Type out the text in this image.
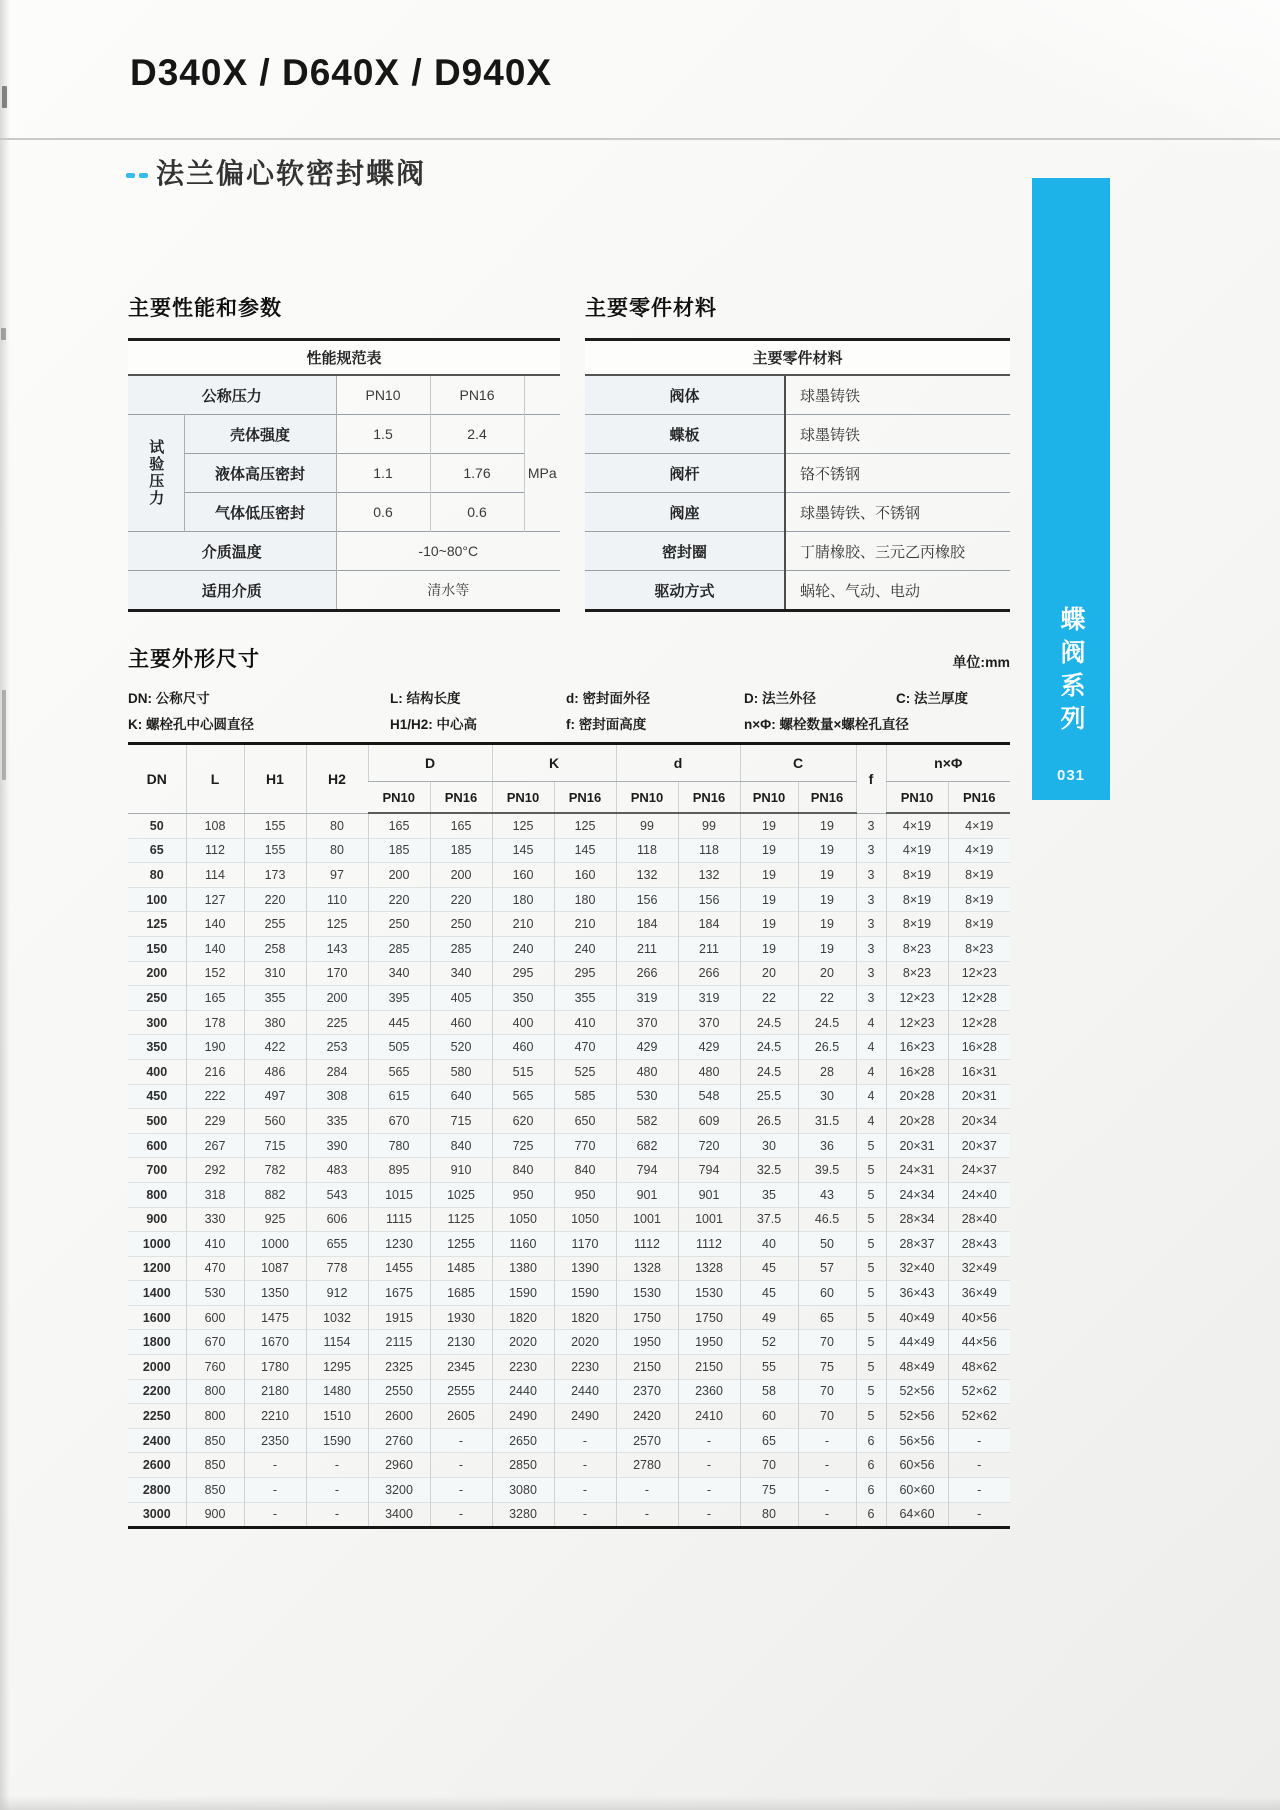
D340X / D640X / D940X
法兰偏心软密封蝶阀
主要性能和参数	主要零件材料
性能规范表				
公称压力		PN10	PN16	
试验压力	壳体强度	1.5	2.4	MPa
	液体高压密封	1.1	1.76	
	气体低压密封	0.6	0.6	
介质温度		-10~80°C		
适用介质		清水等		
主要零件材料	
阀体	球墨铸铁
蝶板	球墨铸铁
阀杆	铬不锈钢
阀座	球墨铸铁、不锈钢
密封圈	丁腈橡胶、三元乙丙橡胶
驱动方式	蜗轮、气动、电动
主要外形尺寸	单位:mm
DN: 公称尺寸	L: 结构长度	d: 密封面外径	D: 法兰外径	C: 法兰厚度
K: 螺栓孔中心圆直径	H1/H2: 中心高	f: 密封面高度	n×Φ: 螺栓数量×螺栓孔直径
DN	L	H1	H2	D		K		d		C		f	n×Φ	
				PN10	PN16	PN10	PN16	PN10	PN16	PN10	PN16		PN10	PN16
50	108	155	80	165	165	125	125	99	99	19	19	3	4×19	4×19
65	112	155	80	185	185	145	145	118	118	19	19	3	4×19	4×19
80	114	173	97	200	200	160	160	132	132	19	19	3	8×19	8×19
100	127	220	110	220	220	180	180	156	156	19	19	3	8×19	8×19
125	140	255	125	250	250	210	210	184	184	19	19	3	8×19	8×19
150	140	258	143	285	285	240	240	211	211	19	19	3	8×23	8×23
200	152	310	170	340	340	295	295	266	266	20	20	3	8×23	12×23
250	165	355	200	395	405	350	355	319	319	22	22	3	12×23	12×28
300	178	380	225	445	460	400	410	370	370	24.5	24.5	4	12×23	12×28
350	190	422	253	505	520	460	470	429	429	24.5	26.5	4	16×23	16×28
400	216	486	284	565	580	515	525	480	480	24.5	28	4	16×28	16×31
450	222	497	308	615	640	565	585	530	548	25.5	30	4	20×28	20×31
500	229	560	335	670	715	620	650	582	609	26.5	31.5	4	20×28	20×34
600	267	715	390	780	840	725	770	682	720	30	36	5	20×31	20×37
700	292	782	483	895	910	840	840	794	794	32.5	39.5	5	24×31	24×37
800	318	882	543	1015	1025	950	950	901	901	35	43	5	24×34	24×40
900	330	925	606	1115	1125	1050	1050	1001	1001	37.5	46.5	5	28×34	28×40
1000	410	1000	655	1230	1255	1160	1170	1112	1112	40	50	5	28×37	28×43
1200	470	1087	778	1455	1485	1380	1390	1328	1328	45	57	5	32×40	32×49
1400	530	1350	912	1675	1685	1590	1590	1530	1530	45	60	5	36×43	36×49
1600	600	1475	1032	1915	1930	1820	1820	1750	1750	49	65	5	40×49	40×56
1800	670	1670	1154	2115	2130	2020	2020	1950	1950	52	70	5	44×49	44×56
2000	760	1780	1295	2325	2345	2230	2230	2150	2150	55	75	5	48×49	48×62
2200	800	2180	1480	2550	2555	2440	2440	2370	2360	58	70	5	52×56	52×62
2250	800	2210	1510	2600	2605	2490	2490	2420	2410	60	70	5	52×56	52×62
2400	850	2350	1590	2760	-	2650	-	2570	-	65	-	6	56×56	-
2600	850	-	-	2960	-	2850	-	2780	-	70	-	6	60×56	-
2800	850	-	-	3200	-	3080	-	-	-	75	-	6	60×60	-
3000	900	-	-	3400	-	3280	-	-	-	80	-	6	64×60	-
蝶阀系列
031
